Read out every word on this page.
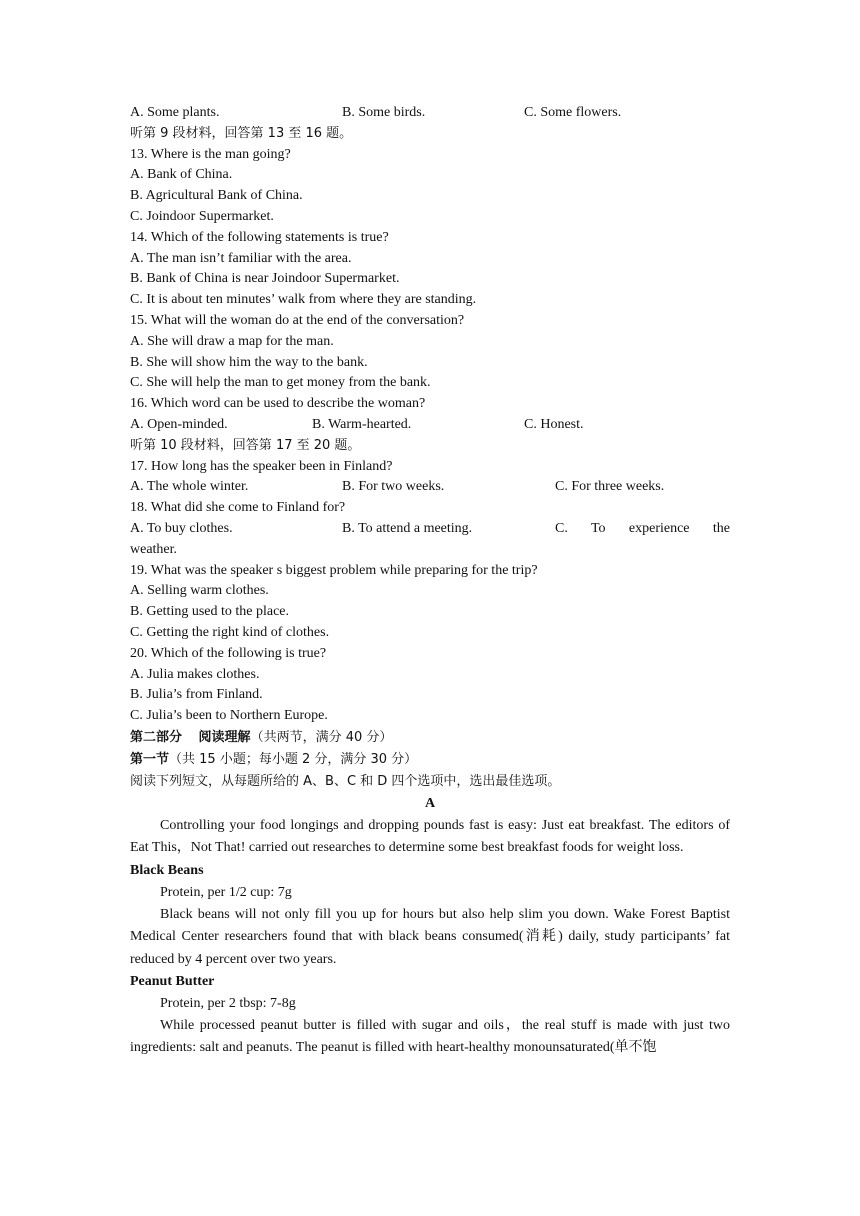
A. Some plants.	B. Some birds.	C. Some flowers.
听第 9 段材料，回答第 13 至 16 题。
13. Where is the man going?
A. Bank of China.
B. Agricultural Bank of China.
C. Joindoor Supermarket.
14. Which of the following statements is true?
A. The man isn’t familiar with the area.
B. Bank of China is near Joindoor Supermarket.
C. It is about ten minutes’ walk from where they are standing.
15. What will the woman do at the end of the conversation?
A. She will draw a map for the man.
B. She will show him the way to the bank.
C. She will help the man to get money from the bank.
16. Which word can be used to describe the woman?
A. Open-minded.	B. Warm-hearted.	C. Honest.
听第 10 段材料，回答第 17 至 20 题。
17. How long has the speaker been in Finland?
A. The whole winter.	B. For two weeks.	C. For three weeks.
18. What did she come to Finland for?
A. To buy clothes.	B. To attend a meeting.	C. To experience the
weather.
19. What was the speaker s biggest problem while preparing for the trip?
A. Selling warm clothes.
B. Getting used to the place.
C. Getting the right kind of clothes.
20. Which of the following is true?
A. Julia makes clothes.
B. Julia’s from Finland.
C. Julia’s been to Northern Europe.
第二部分 阅读理解（共两节，满分 40 分）
第一节（共 15 小题；每小题 2 分，满分 30 分）
阅读下列短文，从每题所给的 A、B、C 和 D 四个选项中，选出最佳选项。
A
Controlling your food longings and dropping pounds fast is easy: Just eat breakfast. The editors of Eat This，Not That! carried out researches to determine some best breakfast foods for weight loss.
Black Beans
Protein, per 1/2 cup: 7g
Black beans will not only fill you up for hours but also help slim you down. Wake Forest Baptist Medical Center researchers found that with black beans consumed(消耗) daily, study participants’ fat reduced by 4 percent over two years.
Peanut Butter
Protein, per 2 tbsp: 7-8g
While processed peanut butter is filled with sugar and oils，the real stuff is made with just two ingredients: salt and peanuts. The peanut is filled with heart-healthy monounsaturated(单不饱
